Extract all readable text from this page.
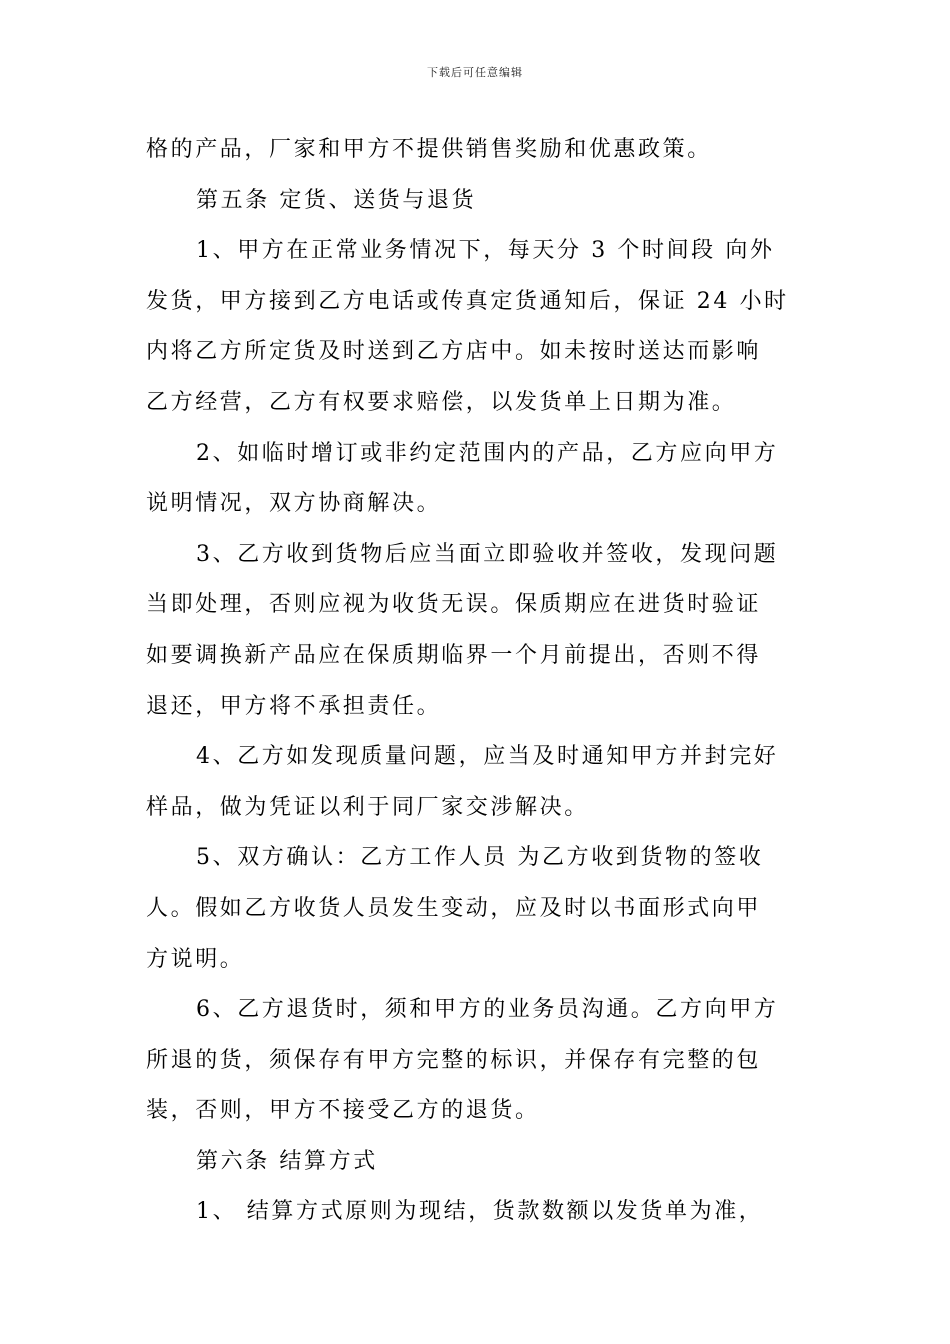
下载后可任意编辑
格的产品，厂家和甲方不提供销售奖励和优惠政策。
第五条 定货、送货与退货
1、甲方在正常业务情况下，每天分 3 个时间段 向外
发货，甲方接到乙方电话或传真定货通知后，保证 24 小时
内将乙方所定货及时送到乙方店中。如未按时送达而影响
乙方经营，乙方有权要求赔偿，以发货单上日期为准。
2、如临时增订或非约定范围内的产品，乙方应向甲方
说明情况，双方协商解决。
3、乙方收到货物后应当面立即验收并签收，发现问题
当即处理，否则应视为收货无误。保质期应在进货时验证
如要调换新产品应在保质期临界一个月前提出，否则不得
退还，甲方将不承担责任。
4、乙方如发现质量问题，应当及时通知甲方并封完好
样品，做为凭证以利于同厂家交涉解决。
5、双方确认：乙方工作人员 为乙方收到货物的签收
人。假如乙方收货人员发生变动，应及时以书面形式向甲
方说明。
6、乙方退货时，须和甲方的业务员沟通。乙方向甲方
所退的货，须保存有甲方完整的标识，并保存有完整的包
装，否则，甲方不接受乙方的退货。
第六条 结算方式
1、 结算方式原则为现结，货款数额以发货单为准，
